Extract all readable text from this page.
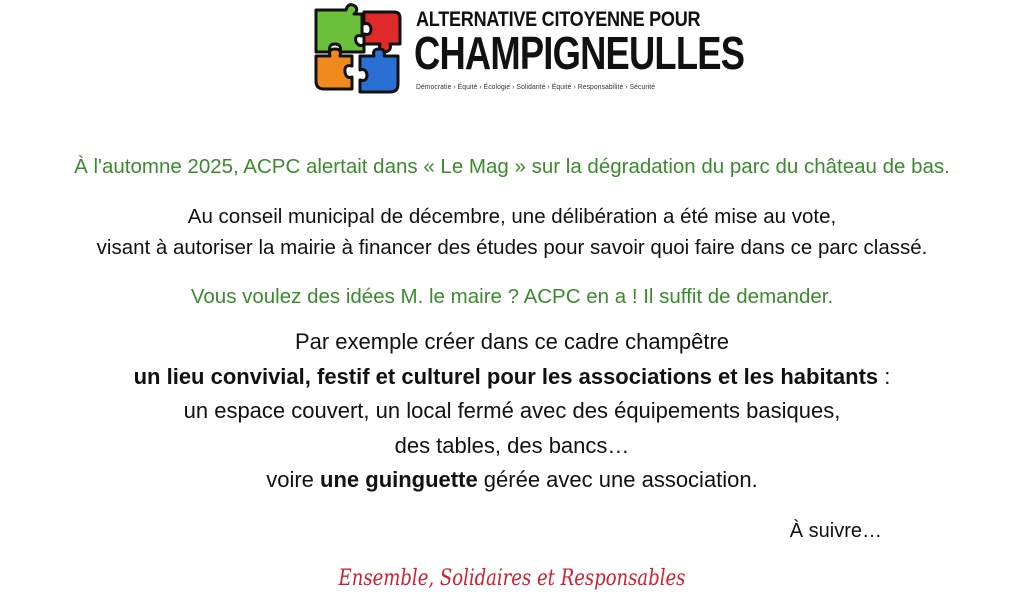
ALTERNATIVE CITOYENNE POUR
CHAMPIGNEULLES
Démocratie › Équité › Écologie › Solidarité › Équité › Responsabilité › Sécurité
À l'automne 2025, ACPC alertait dans « Le Mag » sur la dégradation du parc du château de bas.
Au conseil municipal de décembre, une délibération a été mise au vote,
visant à autoriser la mairie à financer des études pour savoir quoi faire dans ce parc classé.
Vous voulez des idées M. le maire ? ACPC en a ! Il suffit de demander.
Par exemple créer dans ce cadre champêtre
un lieu convivial, festif et culturel pour les associations et les habitants :
un espace couvert, un local fermé avec des équipements basiques,
des tables, des bancs…
voire une guinguette gérée avec une association.
À suivre…
Ensemble, Solidaires et Responsables
